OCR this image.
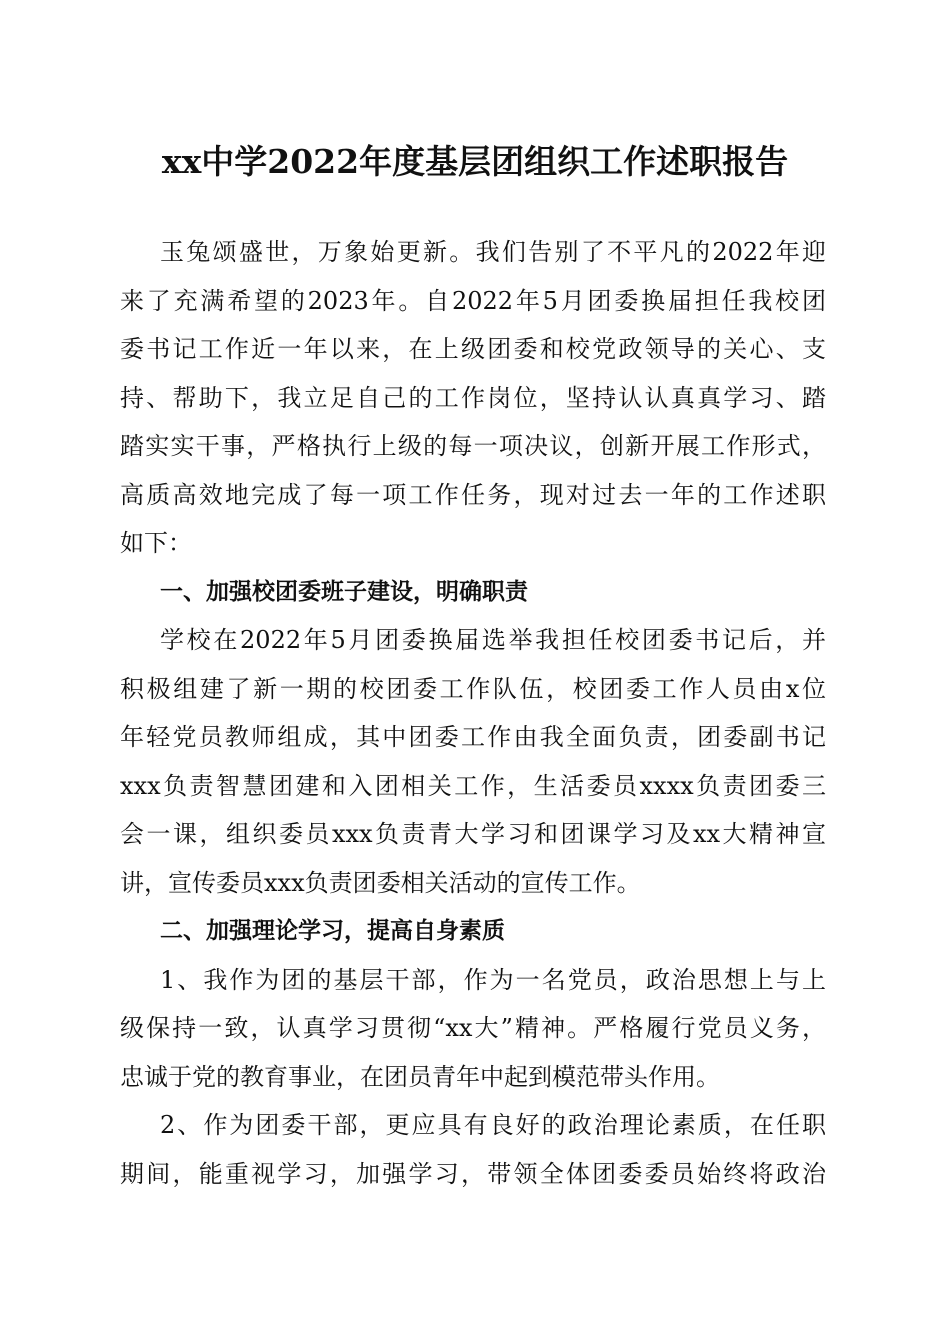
xx中学2022年度基层团组织工作述职报告
玉兔颂盛世，万象始更新。我们告别了不平凡的2022年迎
来了充满希望的2023年。自2022年5月团委换届担任我校团
委书记工作近一年以来，在上级团委和校党政领导的关心、支
持、帮助下，我立足自己的工作岗位，坚持认认真真学习、踏
踏实实干事，严格执行上级的每一项决议，创新开展工作形式，
高质高效地完成了每一项工作任务，现对过去一年的工作述职
如下：
一、加强校团委班子建设，明确职责
学校在2022年5月团委换届选举我担任校团委书记后，并
积极组建了新一期的校团委工作队伍，校团委工作人员由x位
年轻党员教师组成，其中团委工作由我全面负责，团委副书记
xxx负责智慧团建和入团相关工作，生活委员xxxx负责团委三
会一课，组织委员xxx负责青大学习和团课学习及xx大精神宣
讲，宣传委员xxx负责团委相关活动的宣传工作。
二、加强理论学习，提高自身素质
1、我作为团的基层干部，作为一名党员，政治思想上与上
级保持一致，认真学习贯彻“xx大”精神。严格履行党员义务，
忠诚于党的教育事业，在团员青年中起到模范带头作用。
2、作为团委干部，更应具有良好的政治理论素质，在任职
期间，能重视学习，加强学习，带领全体团委委员始终将政治
